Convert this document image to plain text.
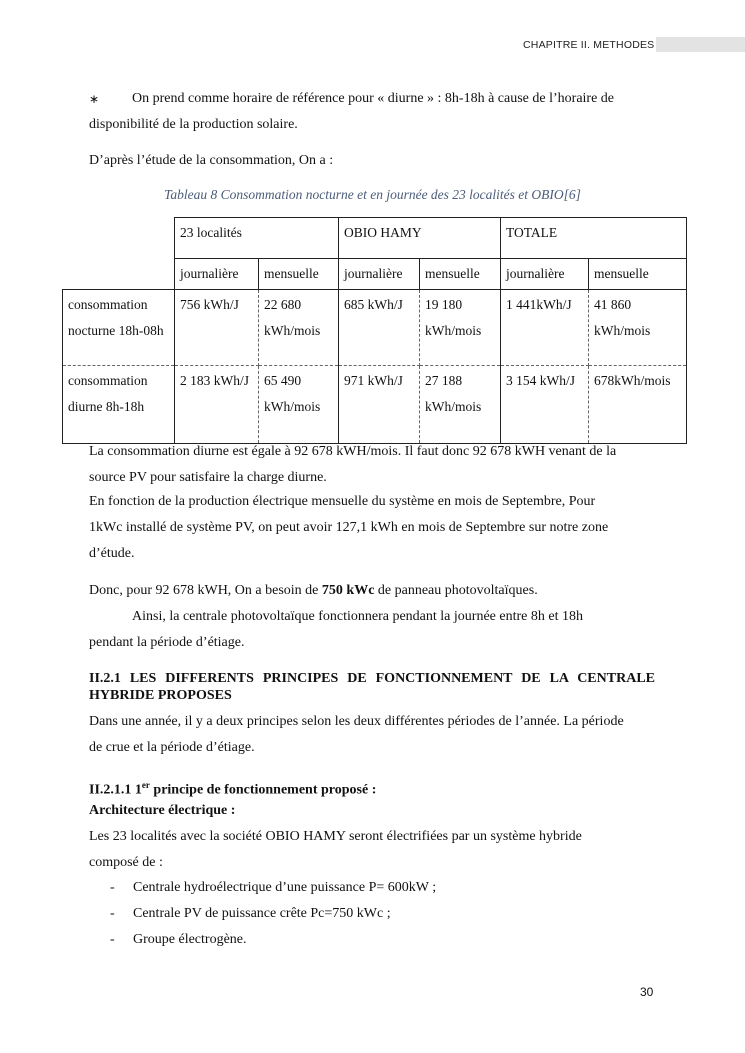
CHAPITRE II. METHODES
∗ On prend comme horaire de référence pour « diurne » : 8h-18h à cause de l’horaire de
disponibilité de la production solaire.
D’après l’étude de la consommation, On a :
Tableau 8 Consommation nocturne et en journée des 23 localités et OBIO[6]
	23 localités		OBIO HAMY		TOTALE	
	journalière	mensuelle	journalière	mensuelle	journalière	mensuelle
consommation nocturne 18h-08h	756 kWh/J	22 680 kWh/mois	685 kWh/J	19 180 kWh/mois	1 441kWh/J	41 860 kWh/mois
consommation diurne 8h-18h	2 183 kWh/J	65 490 kWh/mois	971 kWh/J	27 188 kWh/mois	3 154 kWh/J	678kWh/mois
La consommation diurne est égale à 92 678 kWH/mois. Il faut donc 92 678 kWH venant de la
source PV pour satisfaire la charge diurne.
En fonction de la production électrique mensuelle du système en mois de Septembre, Pour
1kWc installé de système PV, on peut avoir 127,1 kWh en mois de Septembre sur notre zone
d’étude.
Donc, pour 92 678 kWH, On a besoin de 750 kWc de panneau photovoltaïques.
Ainsi, la centrale photovoltaïque fonctionnera pendant la journée entre 8h et 18h
pendant la période d’étiage.
II.2.1 LES DIFFERENTS PRINCIPES DE FONCTIONNEMENT DE LA CENTRALE HYBRIDE PROPOSES
Dans une année, il y a deux principes selon les deux différentes périodes de l’année. La période
de crue et la période d’étiage.
II.2.1.1 1er principe de fonctionnement proposé :
Architecture électrique :
Les 23 localités avec la société OBIO HAMY seront électrifiées par un système hybride
composé de :
- Centrale hydroélectrique d’une puissance P= 600kW ;
- Centrale PV de puissance crête Pc=750 kWc ;
- Groupe électrogène.
30
